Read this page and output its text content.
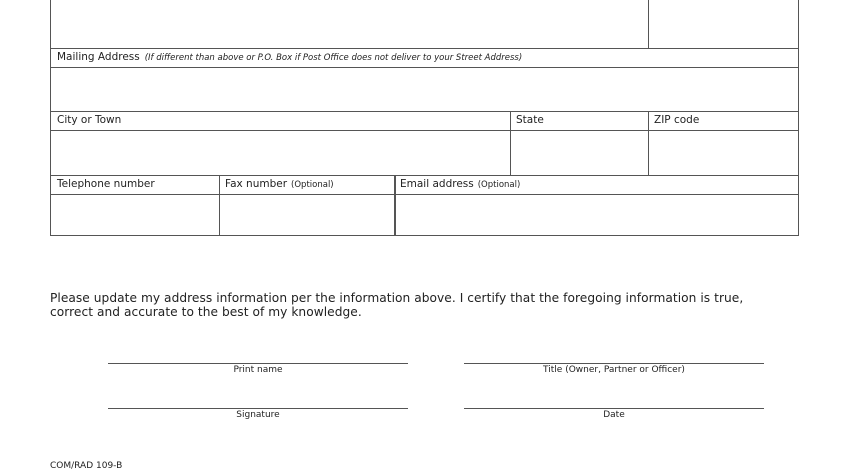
Mailing Address (If different than above or P.O. Box if Post Office does not deliver to your Street Address)
City or Town	State	ZIP code
Telephone number	Fax number (Optional)	Email address (Optional)
Please update my address information per the information above. I certify that the foregoing information is true, correct and accurate to the best of my knowledge.
Print name	Title (Owner, Partner or Officer)
Signature	Date
COM/RAD 109-B
